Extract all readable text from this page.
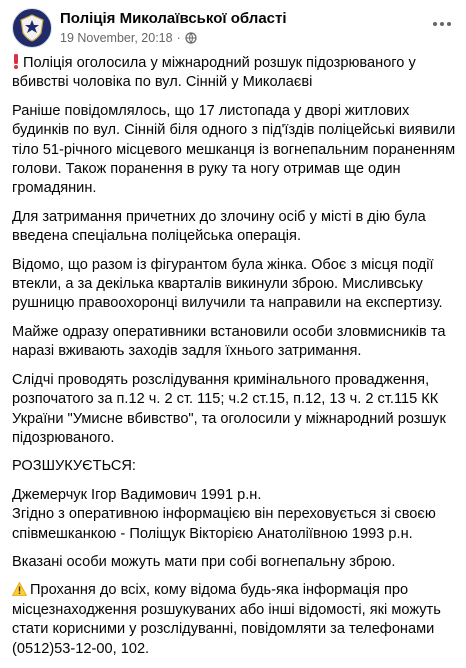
Поліція Миколаївської області
19 November, 20:18 ·

Поліція оголосила у міжнародний розшук підозрюваного у вбивстві чоловіка по вул. Сінній у Миколаєві

Раніше повідомлялось, що 17 листопада у дворі житлових будинків по вул. Сінній біля одного з під'їздів поліцейські виявили тіло 51-річного місцевого мешканця із вогнепальним пораненням голови. Також поранення в руку та ногу отримав ще один громадянин.

Для затримання причетних до злочину осіб у місті в дію була введена спеціальна поліцейська операція.

Відомо, що разом із фігурантом була жінка. Обоє з місця події втекли, а за декілька кварталів викинули зброю. Мисливську рушницю правоохоронці вилучили та направили на експертизу.

Майже одразу оперативники встановили особи зловмисників та наразі вживають заходів задля їхнього затримання.

Слідчі проводять розслідування кримінального провадження, розпочатого за п.12 ч. 2 ст. 115; ч.2 ст.15, п.12, 13 ч. 2 ст.115 КК України "Умисне вбивство", та оголосили у міжнародний розшук підозрюваного.

РОЗШУКУЄТЬСЯ:

Джемерчук Ігор Вадимович 1991 р.н.

Згідно з оперативною інформацією він переховується зі своєю співмешканкою - Поліщук Вікторією Анатоліївною 1993 р.н.

Вказані особи можуть мати при собі вогнепальну зброю.

Прохання до всіх, кому відома будь-яка інформація про місцезнаходження розшукуваних або інші відомості, які можуть стати корисними у розслідуванні, повідомляти за телефонами (0512)53-12-00, 102.
